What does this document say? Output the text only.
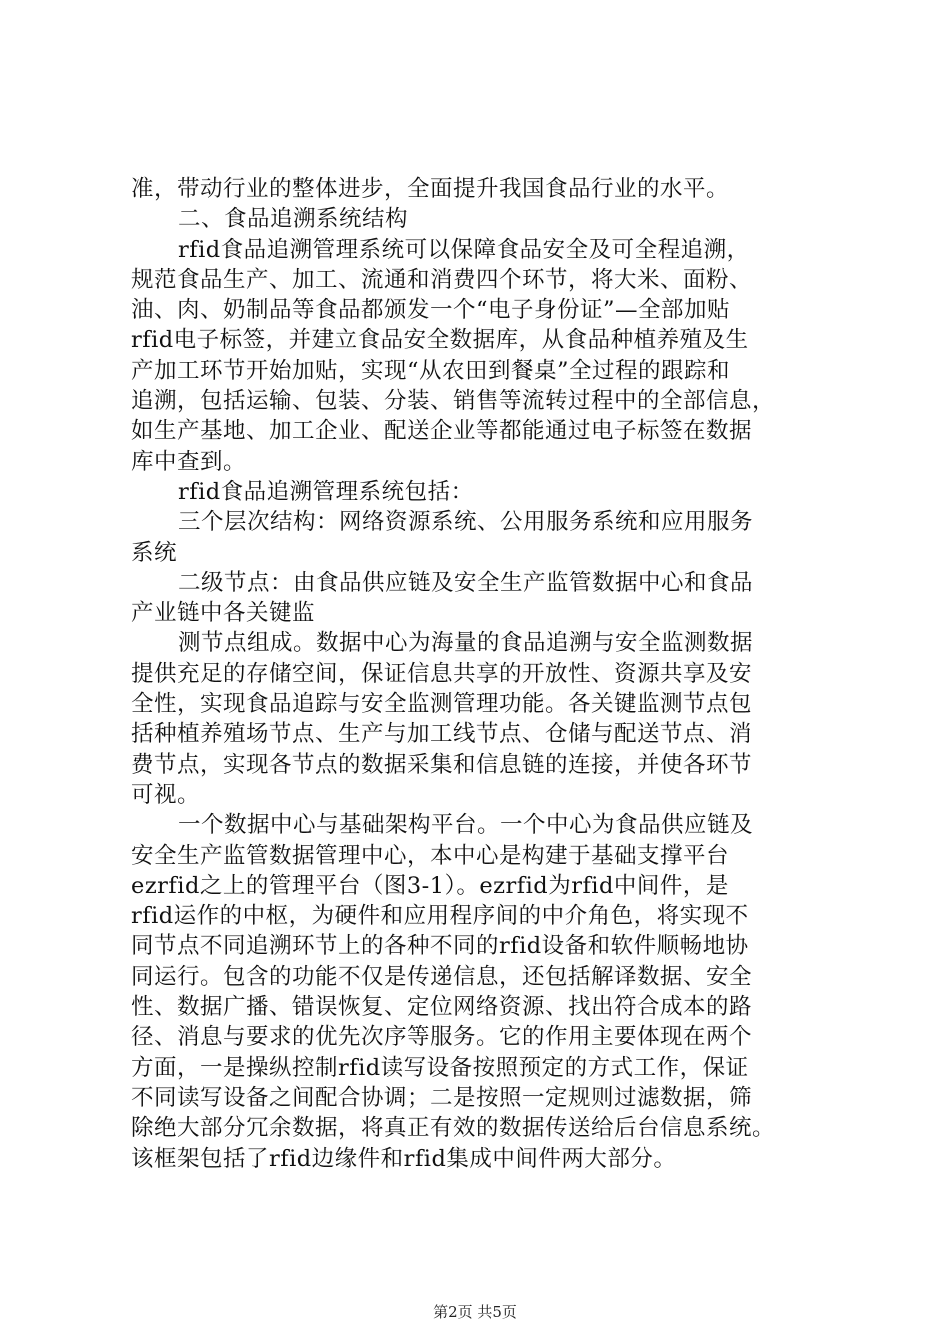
准，带动行业的整体进步，全面提升我国食品行业的水平。
二、食品追溯系统结构
rfid食品追溯管理系统可以保障食品安全及可全程追溯，
规范食品生产、加工、流通和消费四个环节，将大米、面粉、
油、肉、奶制品等食品都颁发一个“电子身份证”—全部加贴
rfid电子标签，并建立食品安全数据库，从食品种植养殖及生
产加工环节开始加贴，实现“从农田到餐桌”全过程的跟踪和
追溯，包括运输、包装、分装、销售等流转过程中的全部信息，
如生产基地、加工企业、配送企业等都能通过电子标签在数据
库中查到。
rfid食品追溯管理系统包括：
三个层次结构：网络资源系统、公用服务系统和应用服务
系统
二级节点：由食品供应链及安全生产监管数据中心和食品
产业链中各关键监
测节点组成。数据中心为海量的食品追溯与安全监测数据
提供充足的存储空间，保证信息共享的开放性、资源共享及安
全性，实现食品追踪与安全监测管理功能。各关键监测节点包
括种植养殖场节点、生产与加工线节点、仓储与配送节点、消
费节点，实现各节点的数据采集和信息链的连接，并使各环节
可视。
一个数据中心与基础架构平台。一个中心为食品供应链及
安全生产监管数据管理中心，本中心是构建于基础支撑平台
ezrfid之上的管理平台（图3-1）。ezrfid为rfid中间件，是
rfid运作的中枢，为硬件和应用程序间的中介角色，将实现不
同节点不同追溯环节上的各种不同的rfid设备和软件顺畅地协
同运行。包含的功能不仅是传递信息，还包括解译数据、安全
性、数据广播、错误恢复、定位网络资源、找出符合成本的路
径、消息与要求的优先次序等服务。它的作用主要体现在两个
方面，一是操纵控制rfid读写设备按照预定的方式工作，保证
不同读写设备之间配合协调；二是按照一定规则过滤数据，筛
除绝大部分冗余数据，将真正有效的数据传送给后台信息系统。
该框架包括了rfid边缘件和rfid集成中间件两大部分。
第2页 共5页
